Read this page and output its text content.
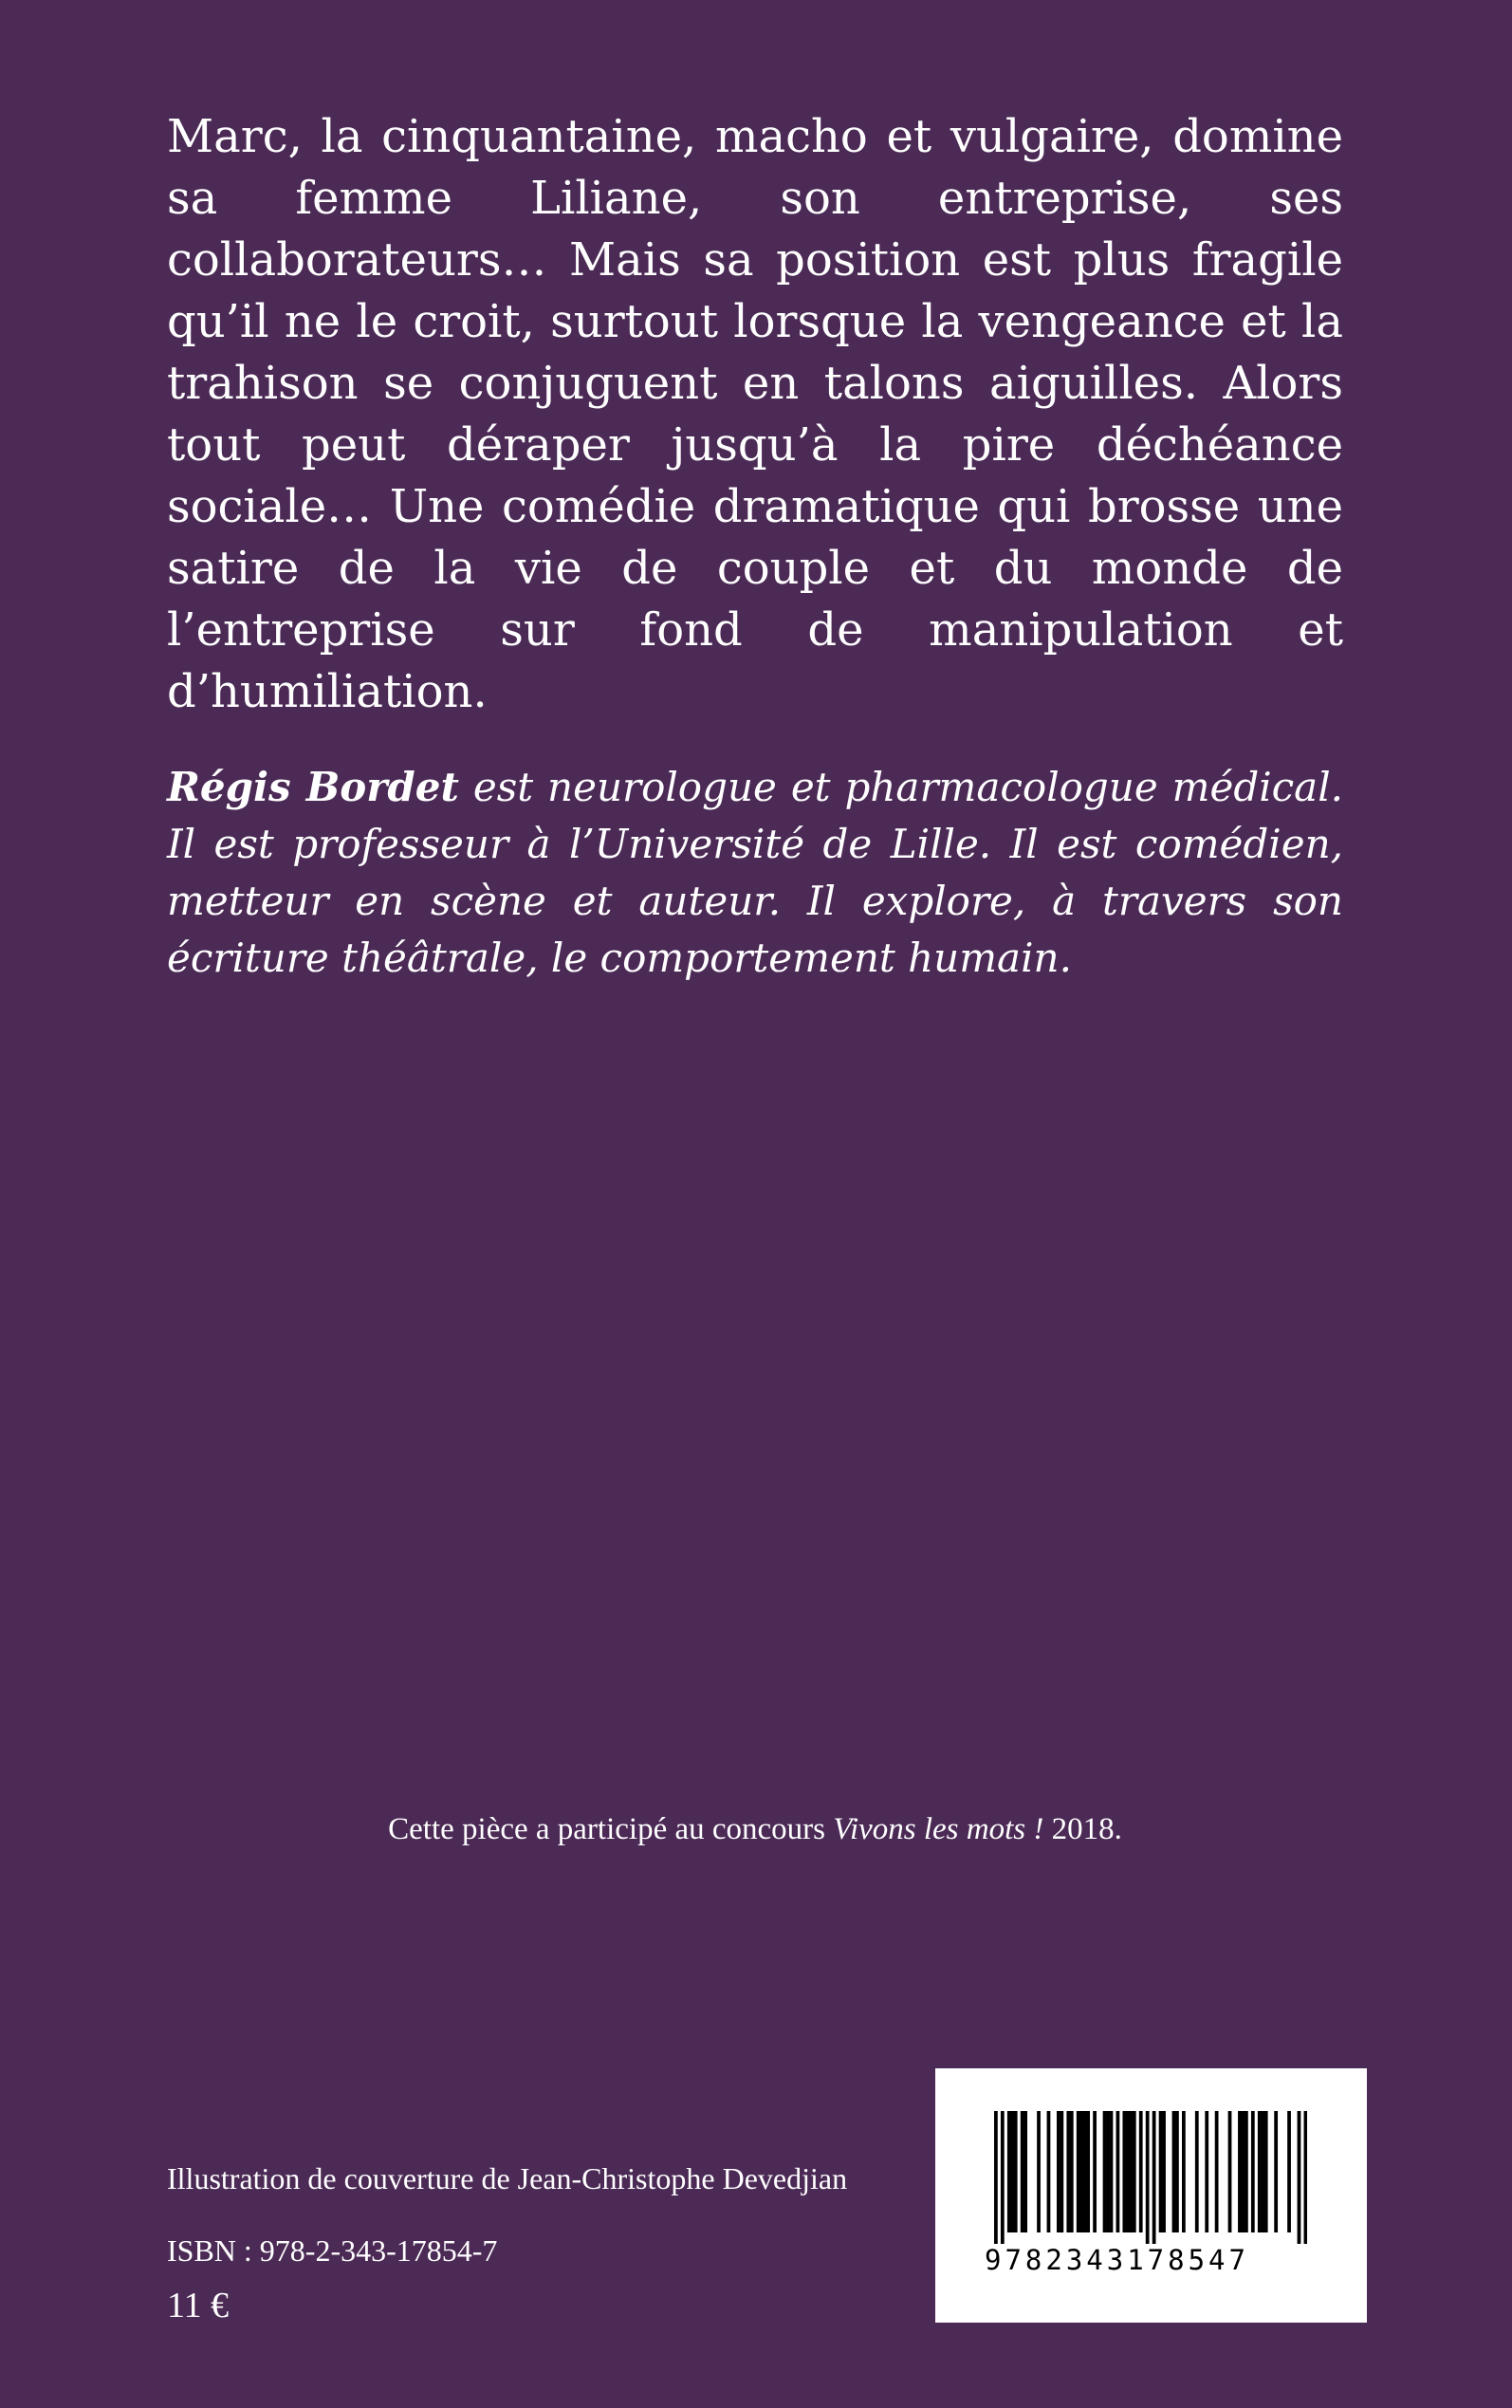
Marc, la cinquantaine, macho et vulgaire, domine sa femme Liliane, son entreprise, ses collaborateurs… Mais sa position est plus fragile qu’il ne le croit, surtout lorsque la vengeance et la trahison se conjuguent en talons aiguilles. Alors tout peut déraper jusqu’à la pire déchéance sociale… Une comédie dramatique qui brosse une satire de la vie de couple et du monde de l’entreprise sur fond de manipulation et d’humiliation.

Régis Bordet est neurologue et pharmacologue médical. Il est professeur à l’Université de Lille. Il est comédien, metteur en scène et auteur. Il explore, à travers son écriture théâtrale, le comportement humain.

Cette pièce a participé au concours Vivons les mots ! 2018.

Illustration de couverture de Jean-Christophe Devedjian

ISBN : 978-2-343-17854-7

11 €

9782343178547
